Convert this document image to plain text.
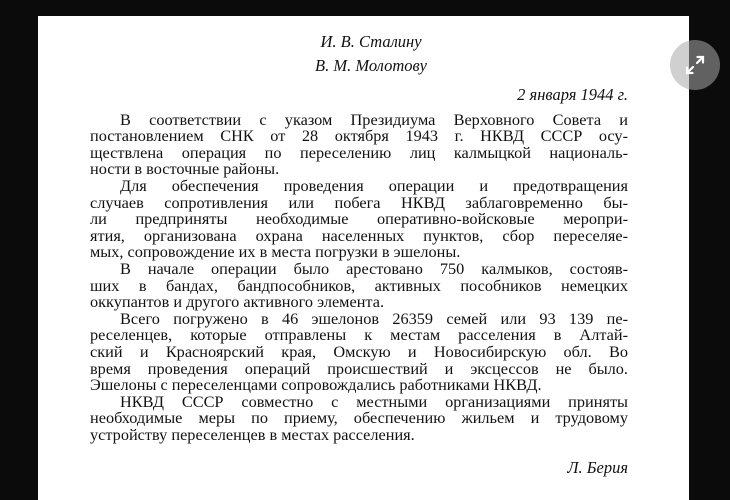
И. В. Сталину
В. М. Молотову
2 января 1944 г.
В соответствии с указом Президиума Верховного Совета и
постановлением СНК от 28 октября 1943 г. НКВД СССР осу-
ществлена операция по переселению лиц калмыцкой националь-
ности в восточные районы.
Для обеспечения проведения операции и предотвращения
случаев сопротивления или побега НКВД заблаговременно бы-
ли предприняты необходимые оперативно-войсковые меропри-
ятия, организована охрана населенных пунктов, сбор переселяе-
мых, сопровождение их в места погрузки в эшелоны.
В начале операции было арестовано 750 калмыков, состояв-
ших в бандах, бандпособников, активных пособников немецких
оккупантов и другого активного элемента.
Всего погружено в 46 эшелонов 26359 семей или 93 139 пе-
реселенцев, которые отправлены к местам расселения в Алтай-
ский и Красноярский края, Омскую и Новосибирскую обл. Во
время проведения операций происшествий и эксцессов не было.
Эшелоны с переселенцами сопровождались работниками НКВД.
НКВД СССР совместно с местными организациями приняты
необходимые меры по приему, обеспечению жильем и трудовому
устройству переселенцев в местах расселения.
Л. Берия
